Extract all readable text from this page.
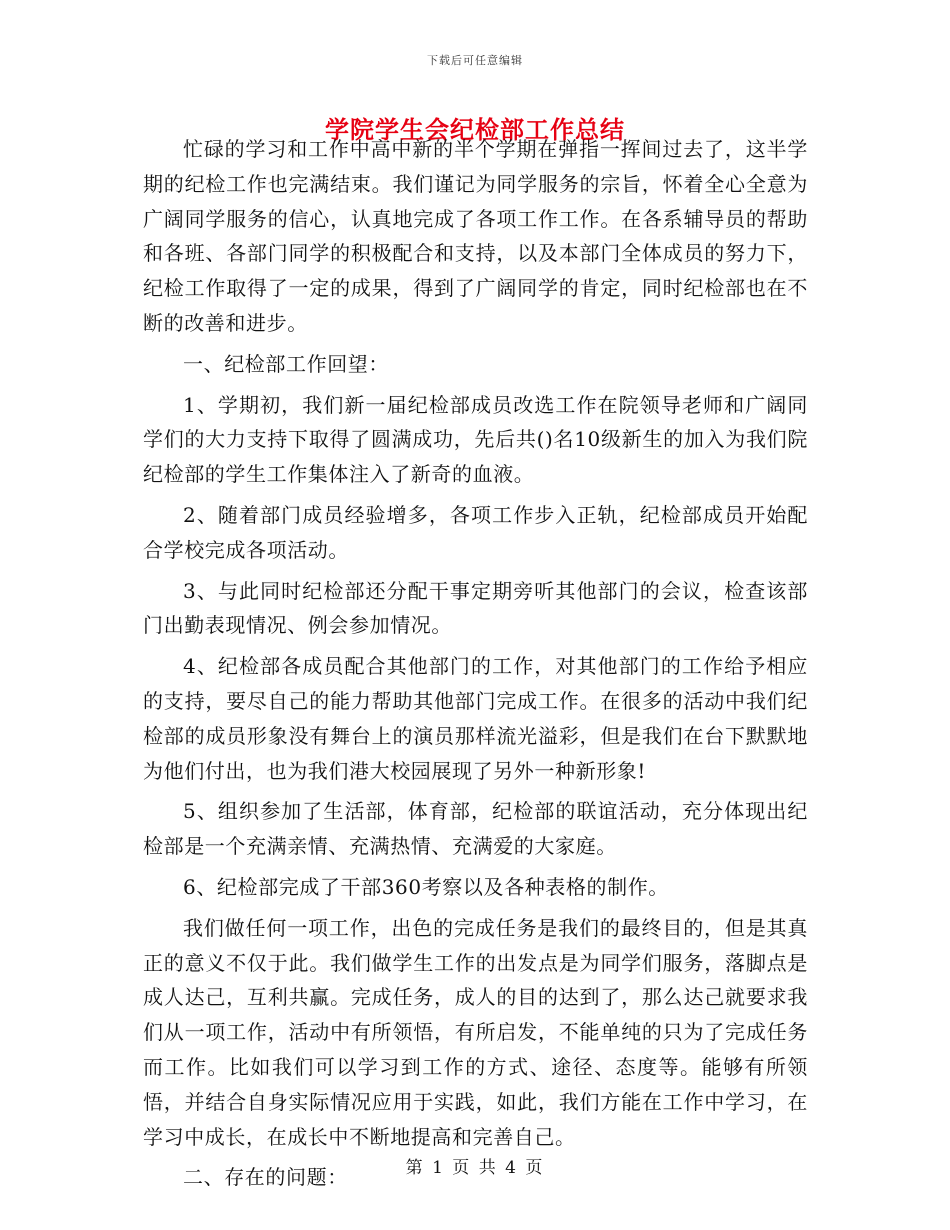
下载后可任意编辑
学院学生会纪检部工作总结

忙碌的学习和工作中高中新的半个学期在弹指一挥间过去了，这半学期的纪检工作也完满结束。我们谨记为同学服务的宗旨，怀着全心全意为广阔同学服务的信心，认真地完成了各项工作工作。在各系辅导员的帮助和各班、各部门同学的积极配合和支持，以及本部门全体成员的努力下，纪检工作取得了一定的成果，得到了广阔同学的肯定，同时纪检部也在不断的改善和进步。

一、纪检部工作回望：

1、学期初，我们新一届纪检部成员改选工作在院领导老师和广阔同学们的大力支持下取得了圆满成功，先后共()名10级新生的加入为我们院纪检部的学生工作集体注入了新奇的血液。

2、随着部门成员经验增多，各项工作步入正轨，纪检部成员开始配合学校完成各项活动。

3、与此同时纪检部还分配干事定期旁听其他部门的会议，检查该部门出勤表现情况、例会参加情况。

4、纪检部各成员配合其他部门的工作，对其他部门的工作给予相应的支持，要尽自己的能力帮助其他部门完成工作。在很多的活动中我们纪检部的成员形象没有舞台上的演员那样流光溢彩，但是我们在台下默默地为他们付出，也为我们港大校园展现了另外一种新形象!

5、组织参加了生活部，体育部，纪检部的联谊活动，充分体现出纪检部是一个充满亲情、充满热情、充满爱的大家庭。

6、纪检部完成了干部360考察以及各种表格的制作。

我们做任何一项工作，出色的完成任务是我们的最终目的，但是其真正的意义不仅于此。我们做学生工作的出发点是为同学们服务，落脚点是成人达己，互利共赢。完成任务，成人的目的达到了，那么达己就要求我们从一项工作，活动中有所领悟，有所启发，不能单纯的只为了完成任务而工作。比如我们可以学习到工作的方式、途径、态度等。能够有所领悟，并结合自身实际情况应用于实践，如此，我们方能在工作中学习，在学习中成长，在成长中不断地提高和完善自己。

二、存在的问题：	第 1 页 共 4 页
